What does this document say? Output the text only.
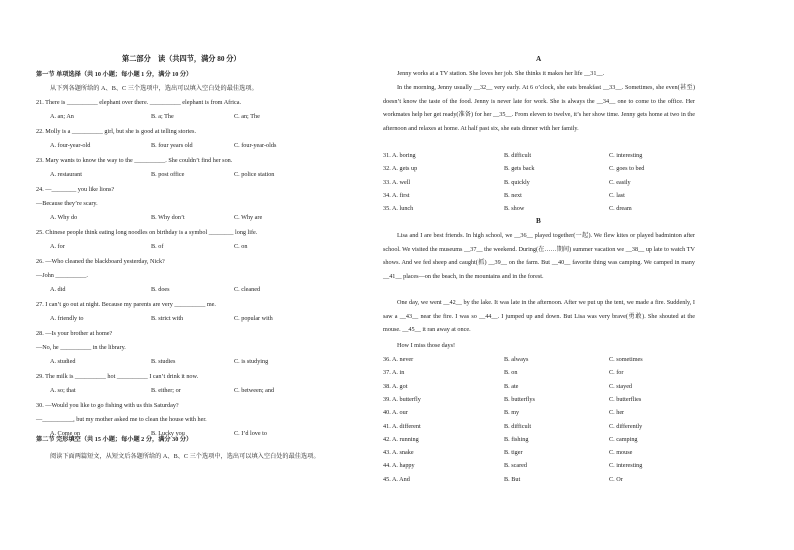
第二部分　读（共四节，满分 80 分）
第一节 单项选择（共 10 小题；每小题 1 分，满分 10 分）
从下列各题所给的 A、B、C 三个选项中，选出可以填入空白处的最佳选项。
21. There is __________ elephant over there. __________ elephant is from Africa.
A. an; An	B. a; The	C. an; The
22. Molly is a __________ girl, but she is good at telling stories.
A. four-year-old	B. four years old	C. four-year-olds
23. Mary wants to know the way to the __________. She couldn’t find her son.
A. restaurant	B. post office	C. police station
24. —________ you like lions?
—Because they’re scary.
A. Why do	B. Why don’t	C. Why are
25. Chinese people think eating long noodles on birthday is a symbol ________ long life.
A. for	B. of	C. on
26. —Who cleaned the blackboard yesterday, Nick?
—John __________.
A. did	B. does	C. cleaned
27. I can’t go out at night. Because my parents are very __________ me.
A. friendly to	B. strict with	C. popular with
28. —Is your brother at home?
—No, he __________ in the library.
A. studied	B. studies	C. is studying
29. The milk is __________ hot __________ I can’t drink it now.
A. so; that	B. either; or	C. between; and
30. —Would you like to go fishing with us this Saturday?
—__________, but my mother asked me to clean the house with her.
A. Come on	B. Lucky you	C. I’d love to
第二节 完形填空（共 15 小题；每小题 2 分，满分 30 分）
阅读下面两篇短文，从短文后各题所给的 A、B、C 三个选项中，选出可以填入空白处的最佳选项。
A
Jenny works at a TV station. She loves her job. She thinks it makes her life __31__.
In the morning, Jenny usually __32__ very early. At 6 o’clock, she eats breakfast __33__. Sometimes, she even(甚至) doesn’t know the taste of the food. Jenny is never late for work. She is always the __34__ one to come to the office. Her workmates help her get ready(准备) for her __35__. From eleven to twelve, it’s her show time. Jenny gets home at two in the afternoon and relaxes at home. At half past six, she eats dinner with her family.
31. A. boring	B. difficult	C. interesting
32. A. gets up	B. gets back	C. goes to bed
33. A. well	B. quickly	C. easily
34. A. first	B. next	C. last
35. A. lunch	B. show	C. dream
B
Lisa and I are best friends. In high school, we __36__ played together(一起). We flew kites or played badminton after school. We visited the museums __37__ the weekend. During(在……期间) summer vacation we __38__ up late to watch TV shows. And we fed sheep and caught(抓) __39__ on the farm. But __40__ favorite thing was camping. We camped in many __41__ places—on the beach, in the mountains and in the forest.
One day, we went __42__ by the lake. It was late in the afternoon. After we put up the tent, we made a fire. Suddenly, I saw a __43__ near the fire. I was so __44__. I jumped up and down. But Lisa was very brave(勇敢). She shouted at the mouse. __45__ it ran away at once.
How I miss those days!
36. A. never	B. always	C. sometimes
37. A. in	B. on	C. for
38. A. got	B. ate	C. stayed
39. A. butterfly	B. butterflys	C. butterflies
40. A. our	B. my	C. her
41. A. different	B. difficult	C. differently
42. A. running	B. fishing	C. camping
43. A. snake	B. tiger	C. mouse
44. A. happy	B. scared	C. interesting
45. A. And	B. But	C. Or
